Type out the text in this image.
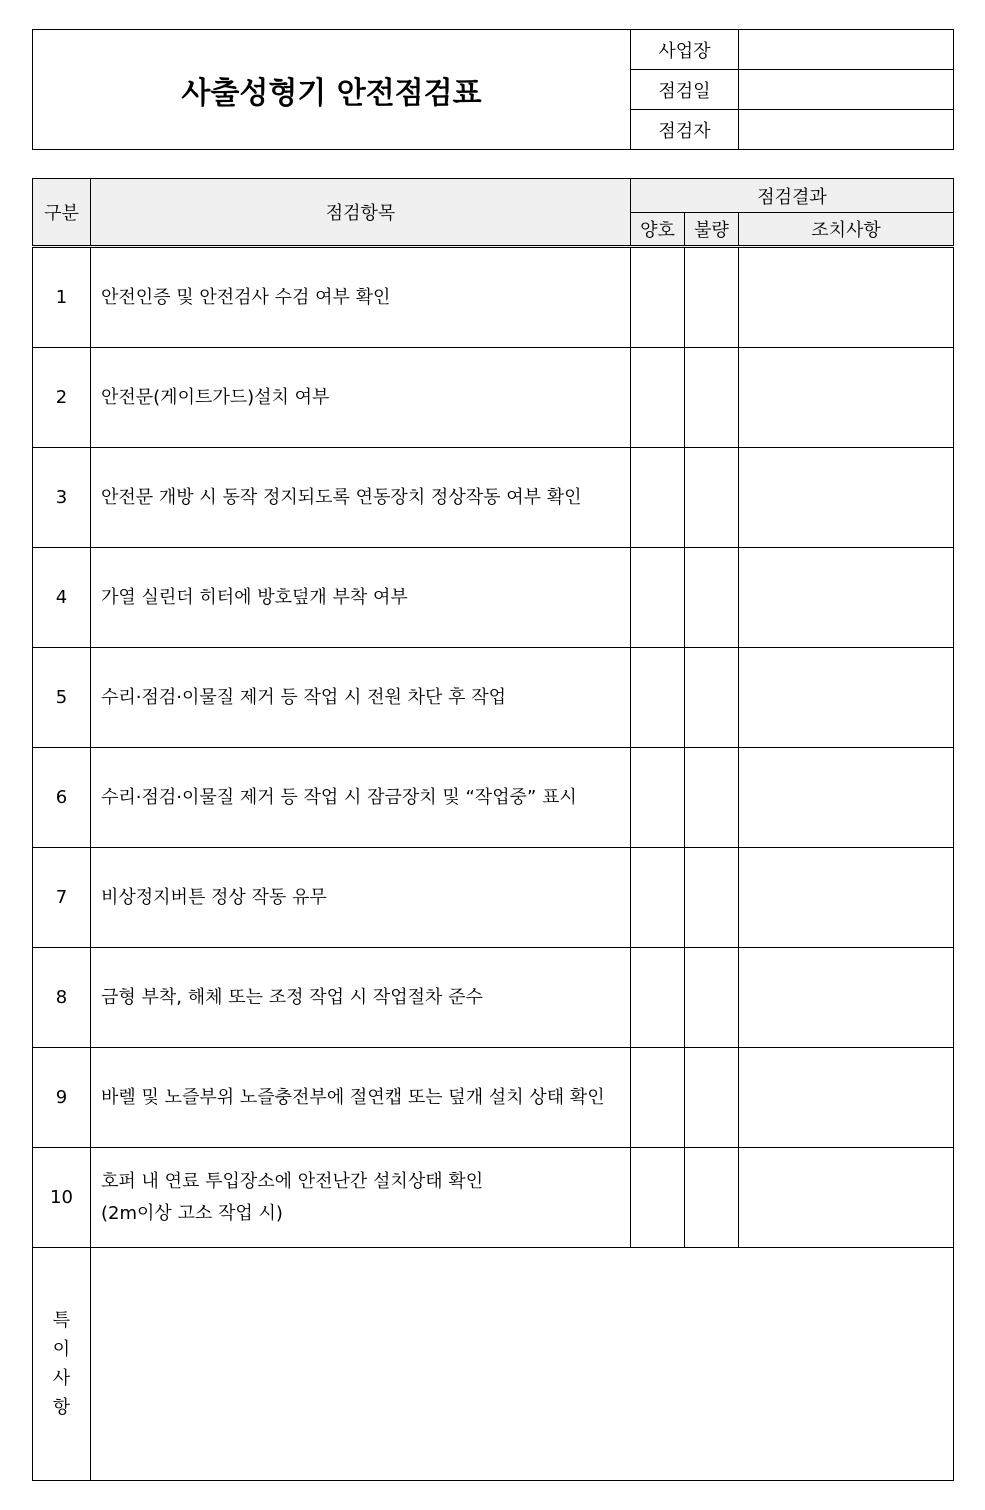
사출성형기 안전점검표	사업장	
	점검일	
	점검자	
구분	점검항목	점검결과		
		양호	불량	조치사항
1	안전인증 및 안전검사 수검 여부 확인			

2	안전문(게이트가드)설치 여부			

3	안전문 개방 시 동작 정지되도록 연동장치 정상작동 여부 확인			

4	가열 실린더 히터에 방호덮개 부착 여부			

5	수리·점검·이물질 제거 등 작업 시 전원 차단 후 작업			

6	수리·점검·이물질 제거 등 작업 시 잠금장치 및 “작업중” 표시			

7	비상정지버튼 정상 작동 유무			

8	금형 부착, 해체 또는 조정 작업 시 작업절차 준수			

9	바렐 및 노즐부위 노즐충전부에 절연캡 또는 덮개 설치 상태 확인			

10	호퍼 내 연료 투입장소에 안전난간 설치상태 확인
(2m이상 고소 작업 시)			

특
이
사
항				
